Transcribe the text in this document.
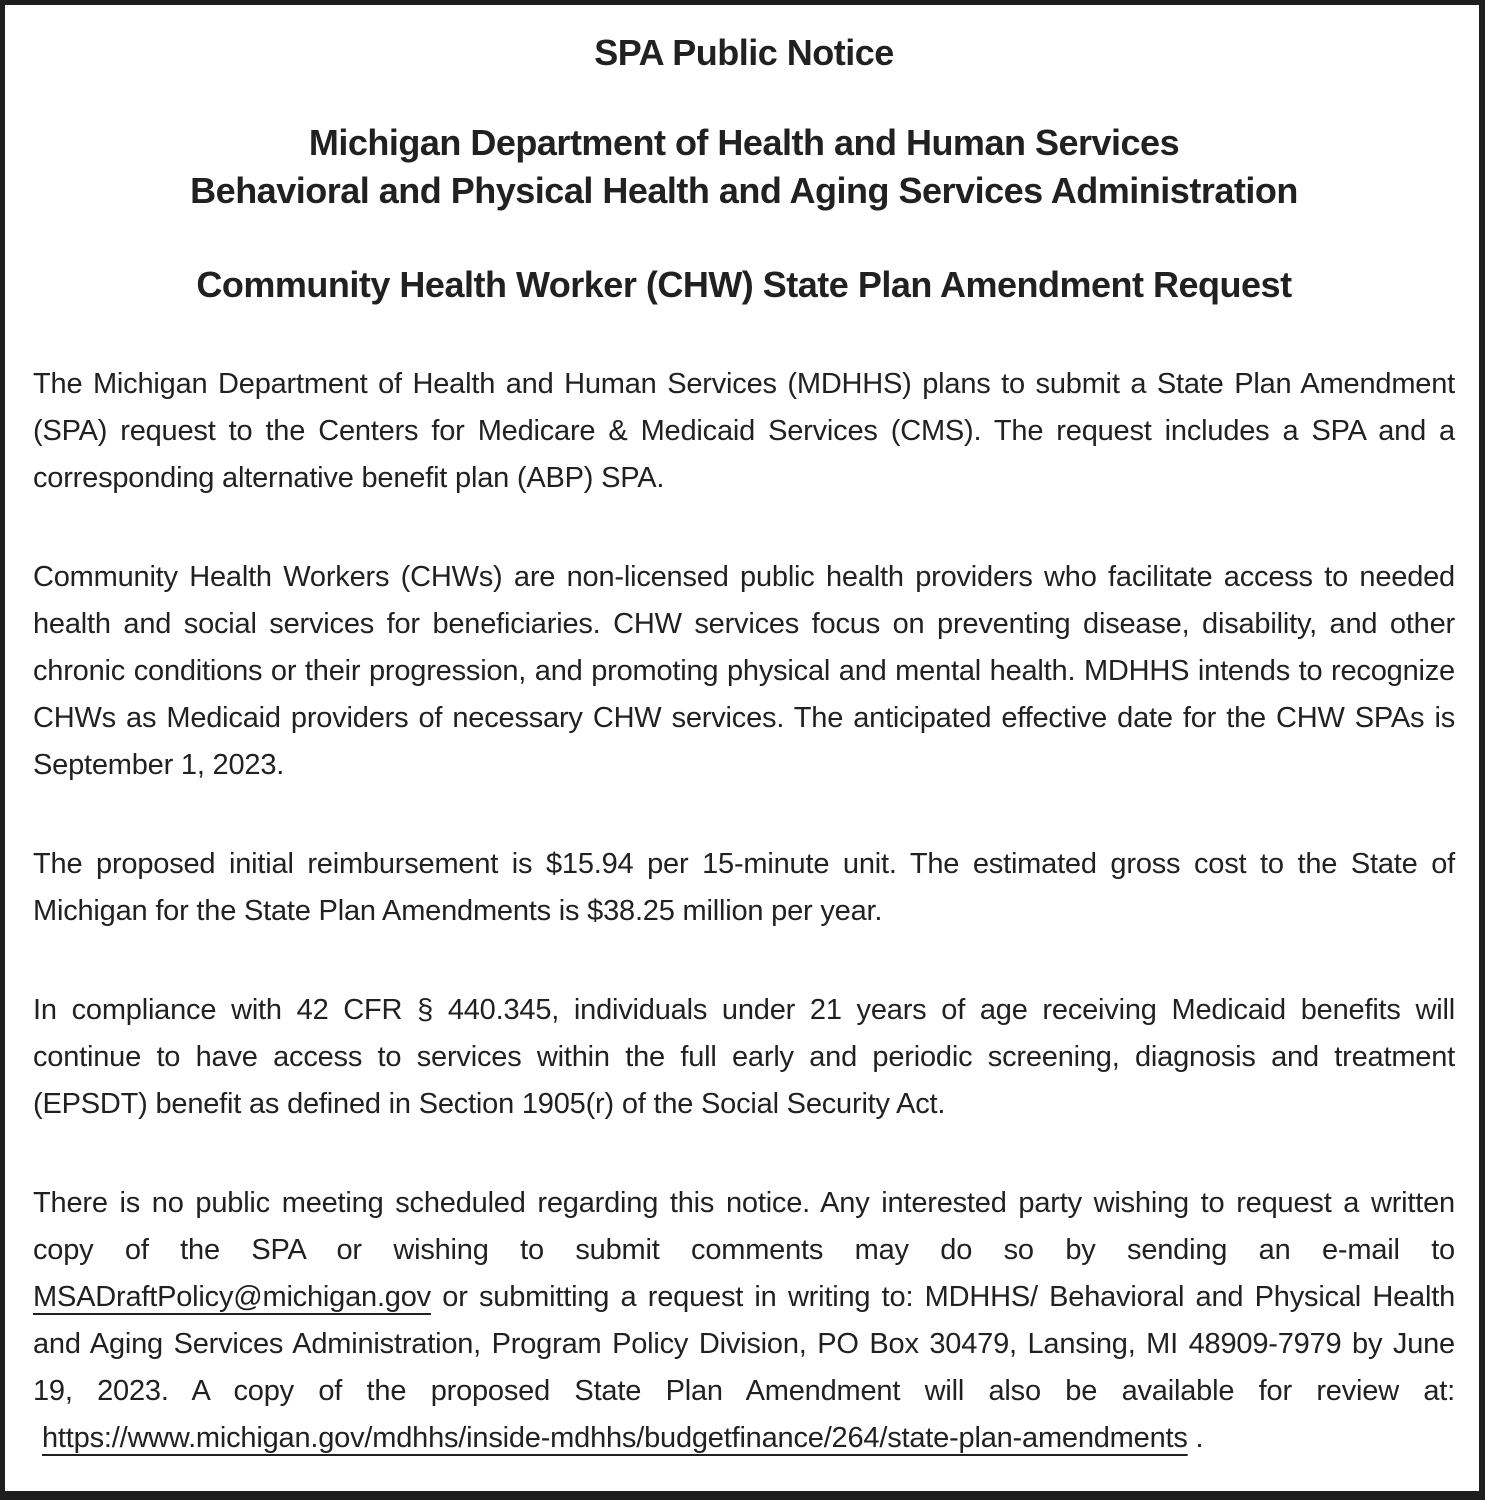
SPA Public Notice
Michigan Department of Health and Human Services
Behavioral and Physical Health and Aging Services Administration
Community Health Worker (CHW) State Plan Amendment Request

The Michigan Department of Health and Human Services (MDHHS) plans to submit a State Plan Amendment (SPA) request to the Centers for Medicare & Medicaid Services (CMS). The request includes a SPA and a corresponding alternative benefit plan (ABP) SPA.

Community Health Workers (CHWs) are non-licensed public health providers who facilitate access to needed health and social services for beneficiaries. CHW services focus on preventing disease, disability, and other chronic conditions or their progression, and promoting physical and mental health. MDHHS intends to recognize CHWs as Medicaid providers of necessary CHW services. The anticipated effective date for the CHW SPAs is September 1, 2023.

The proposed initial reimbursement is $15.94 per 15-minute unit. The estimated gross cost to the State of Michigan for the State Plan Amendments is $38.25 million per year.

In compliance with 42 CFR § 440.345, individuals under 21 years of age receiving Medicaid benefits will continue to have access to services within the full early and periodic screening, diagnosis and treatment (EPSDT) benefit as defined in Section 1905(r) of the Social Security Act.

There is no public meeting scheduled regarding this notice. Any interested party wishing to request a written copy of the SPA or wishing to submit comments may do so by sending an e-mail to MSADraftPolicy@michigan.gov or submitting a request in writing to: MDHHS/ Behavioral and Physical Health and Aging Services Administration, Program Policy Division, PO Box 30479, Lansing, MI 48909-7979 by June 19, 2023. A copy of the proposed State Plan Amendment will also be available for review at: https://www.michigan.gov/mdhhs/inside-mdhhs/budgetfinance/264/state-plan-amendments .
